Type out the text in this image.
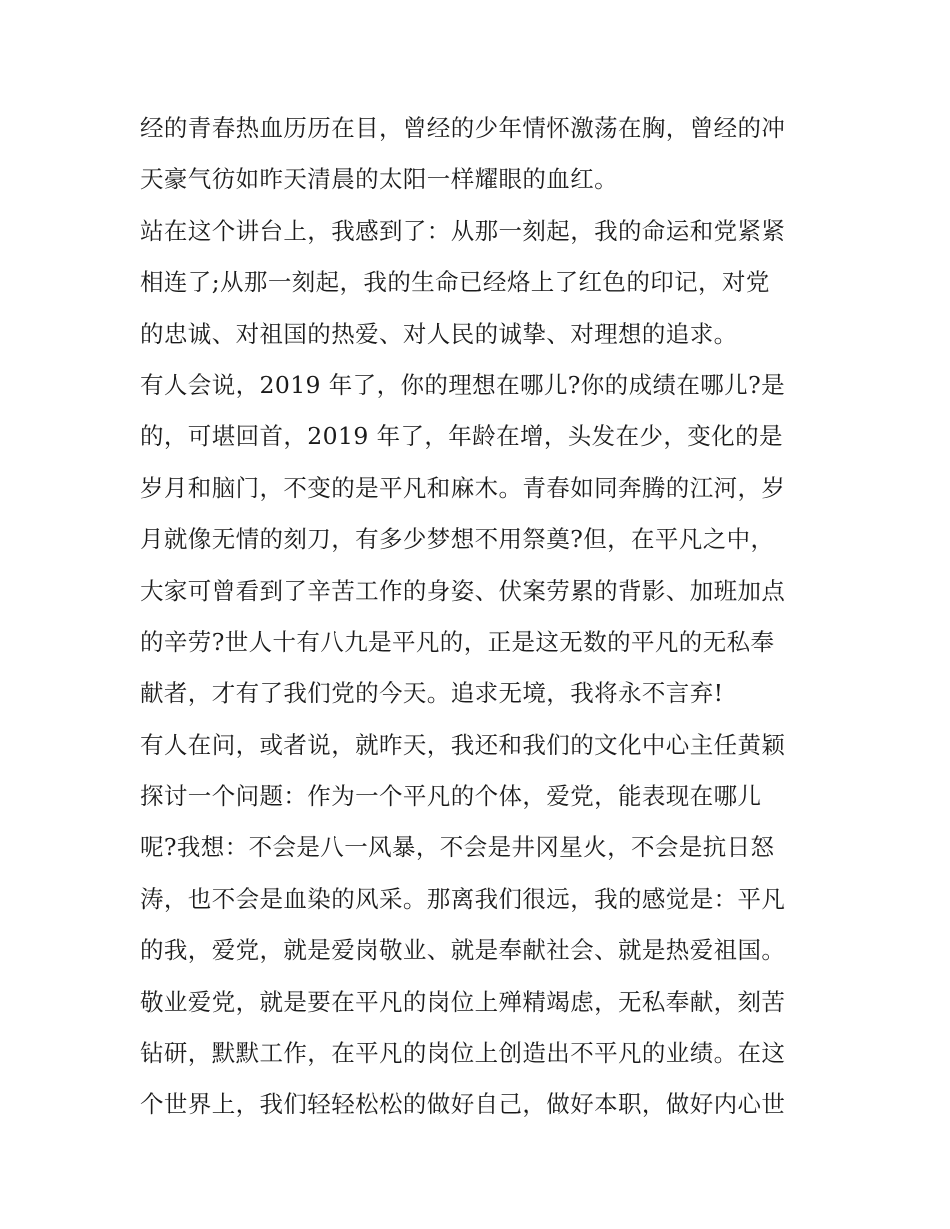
经的青春热血历历在目，曾经的少年情怀激荡在胸，曾经的冲
天豪气彷如昨天清晨的太阳一样耀眼的血红。
站在这个讲台上，我感到了：从那一刻起，我的命运和党紧紧
相连了;从那一刻起，我的生命已经烙上了红色的印记，对党
的忠诚、对祖国的热爱、对人民的诚挚、对理想的追求。
有人会说，2019 年了，你的理想在哪儿?你的成绩在哪儿?是
的，可堪回首，2019 年了，年龄在增，头发在少，变化的是
岁月和脑门，不变的是平凡和麻木。青春如同奔腾的江河，岁
月就像无情的刻刀，有多少梦想不用祭奠?但，在平凡之中，
大家可曾看到了辛苦工作的身姿、伏案劳累的背影、加班加点
的辛劳?世人十有八九是平凡的，正是这无数的平凡的无私奉
献者，才有了我们党的今天。追求无境，我将永不言弃!
有人在问，或者说，就昨天，我还和我们的文化中心主任黄颖
探讨一个问题：作为一个平凡的个体，爱党，能表现在哪儿
呢?我想：不会是八一风暴，不会是井冈星火，不会是抗日怒
涛，也不会是血染的风采。那离我们很远，我的感觉是：平凡
的我，爱党，就是爱岗敬业、就是奉献社会、就是热爱祖国。
敬业爱党，就是要在平凡的岗位上殚精竭虑，无私奉献，刻苦
钻研，默默工作，在平凡的岗位上创造出不平凡的业绩。在这
个世界上，我们轻轻松松的做好自己，做好本职，做好内心世
